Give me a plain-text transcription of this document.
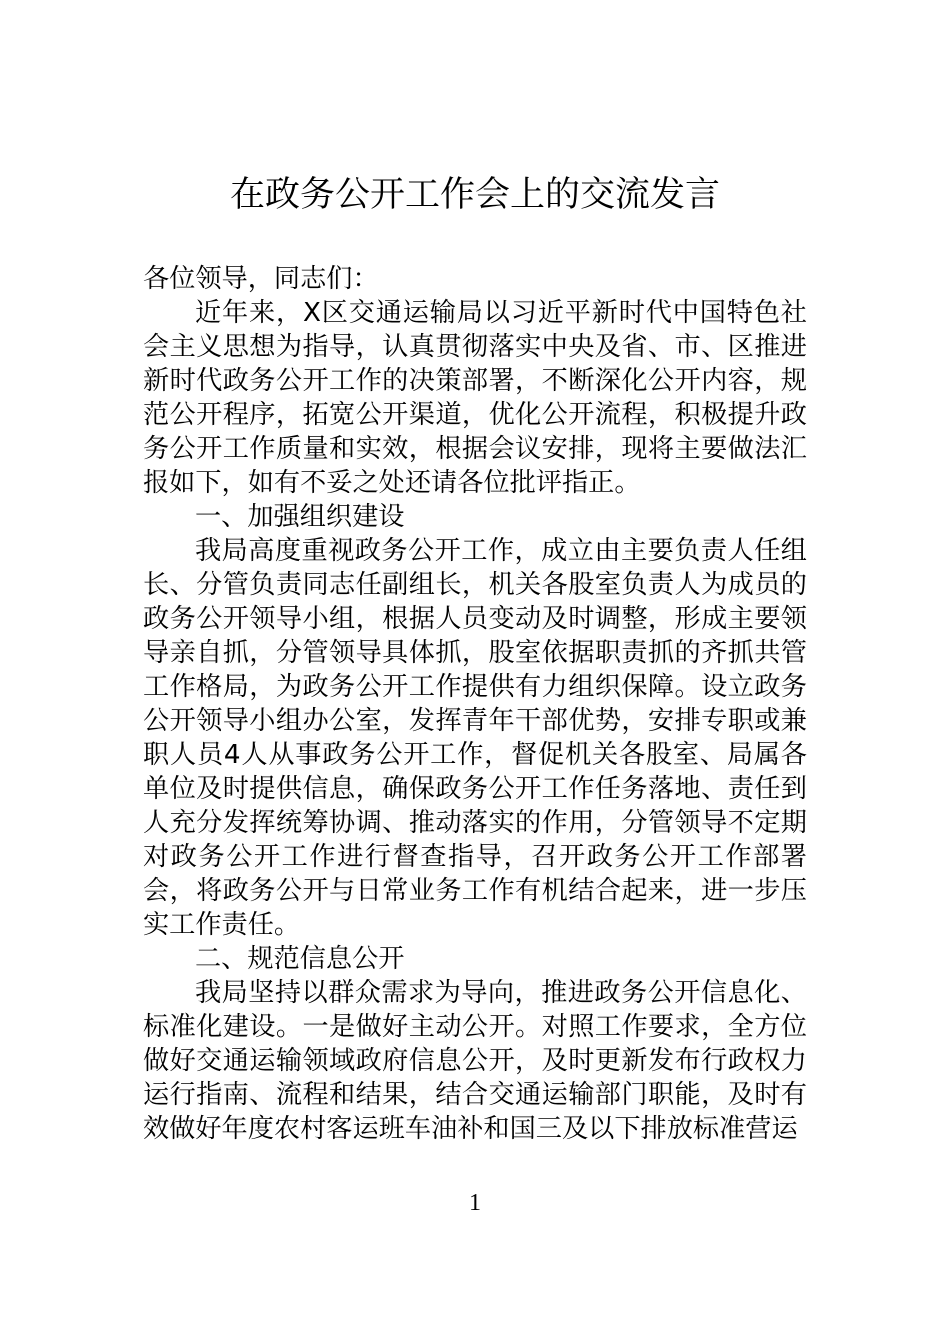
在政务公开工作会上的交流发言

各位领导，同志们：

近年来，X区交通运输局以习近平新时代中国特色社会主义思想为指导，认真贯彻落实中央及省、市、区推进新时代政务公开工作的决策部署，不断深化公开内容，规范公开程序，拓宽公开渠道，优化公开流程，积极提升政务公开工作质量和实效，根据会议安排，现将主要做法汇报如下，如有不妥之处还请各位批评指正。

一、加强组织建设

我局高度重视政务公开工作，成立由主要负责人任组长、分管负责同志任副组长，机关各股室负责人为成员的政务公开领导小组，根据人员变动及时调整，形成主要领导亲自抓，分管领导具体抓，股室依据职责抓的齐抓共管工作格局，为政务公开工作提供有力组织保障。设立政务公开领导小组办公室，发挥青年干部优势，安排专职或兼职人员4人从事政务公开工作，督促机关各股室、局属各单位及时提供信息，确保政务公开工作任务落地、责任到人充分发挥统筹协调、推动落实的作用，分管领导不定期对政务公开工作进行督查指导，召开政务公开工作部署会，将政务公开与日常业务工作有机结合起来，进一步压实工作责任。

二、规范信息公开

我局坚持以群众需求为导向，推进政务公开信息化、标准化建设。一是做好主动公开。对照工作要求，全方位做好交通运输领域政府信息公开，及时更新发布行政权力运行指南、流程和结果，结合交通运输部门职能，及时有效做好年度农村客运班车油补和国三及以下排放标准营运

1
